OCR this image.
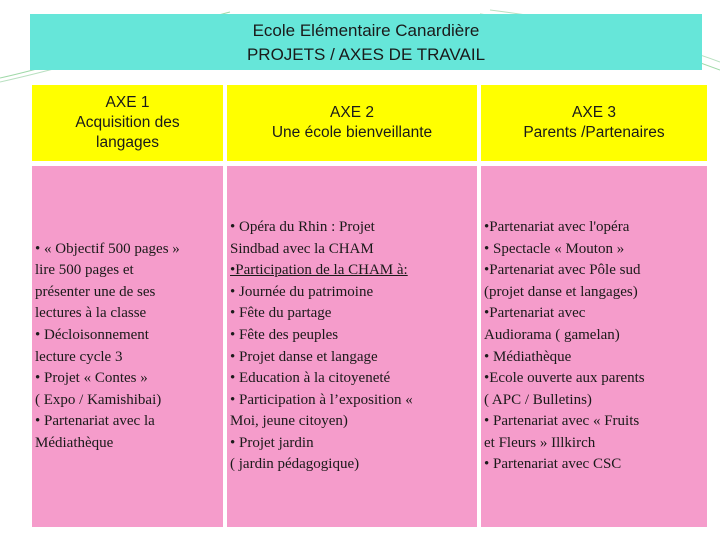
Ecole Elémentaire Canardière
PROJETS / AXES DE TRAVAIL
AXE 1
Acquisition des
langages
AXE 2
Une école bienveillante
AXE 3
Parents /Partenaires
• « Objectif 500 pages »
lire 500 pages et
présenter une de ses
lectures à la classe
• Décloisonnement
lecture cycle 3
• Projet « Contes »
( Expo / Kamishibai)
• Partenariat avec la
Médiathèque
• Opéra du Rhin : Projet
Sindbad avec la CHAM
•Participation de la CHAM à:
• Journée du patrimoine
• Fête du partage
• Fête des peuples
• Projet danse et langage
• Education à la citoyeneté
• Participation à l’exposition «
Moi, jeune citoyen)
• Projet jardin
( jardin pédagogique)
•Partenariat avec l'opéra
• Spectacle « Mouton »
•Partenariat avec Pôle sud
(projet danse et langages)
•Partenariat avec
Audiorama ( gamelan)
• Médiathèque
•Ecole ouverte aux parents
( APC / Bulletins)
• Partenariat avec « Fruits
et Fleurs » Illkirch
• Partenariat avec CSC
